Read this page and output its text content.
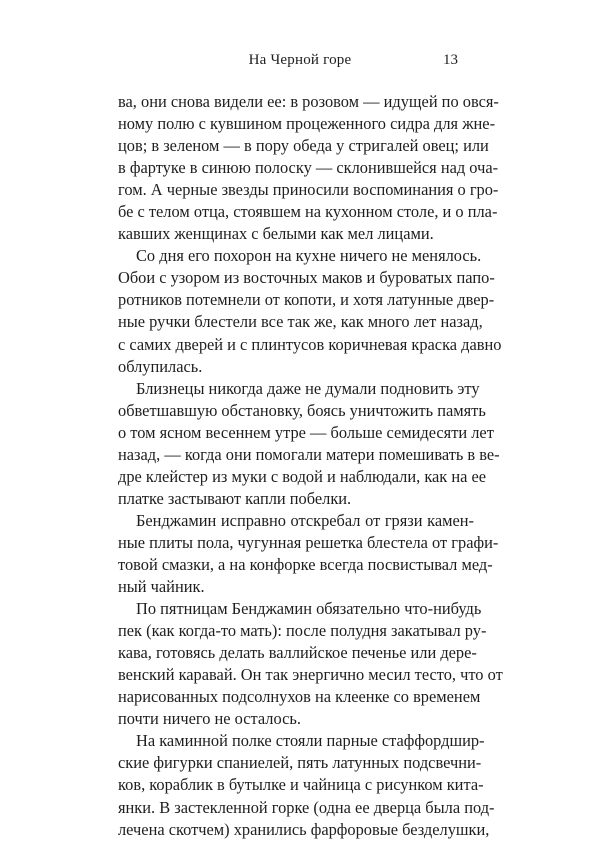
На Черной горе	13
ва, они снова видели ее: в розовом — идущей по овся-
ному полю с кувшином процеженного сидра для жне-
цов; в зеленом — в пору обеда у стригалей овец; или
в фартуке в синюю полоску — склонившейся над оча-
гом. А черные звезды приносили воспоминания о гро-
бе с телом отца, стоявшем на кухонном столе, и о пла-
кавших женщинах с белыми как мел лицами.
Со дня его похорон на кухне ничего не менялось.
Обои с узором из восточных маков и буроватых папо-
ротников потемнели от копоти, и хотя латунные двер-
ные ручки блестели все так же, как много лет назад,
с самих дверей и с плинтусов коричневая краска давно
облупилась.
Близнецы никогда даже не думали подновить эту
обветшавшую обстановку, боясь уничтожить память
о том ясном весеннем утре — больше семидесяти лет
назад, — когда они помогали матери помешивать в ве-
дре клейстер из муки с водой и наблюдали, как на ее
платке застывают капли побелки.
Бенджамин исправно отскребал от грязи камен-
ные плиты пола, чугунная решетка блестела от графи-
товой смазки, а на конфорке всегда посвистывал мед-
ный чайник.
По пятницам Бенджамин обязательно что-нибудь
пек (как когда-то мать): после полудня закатывал ру-
кава, готовясь делать валлийское печенье или дере-
венский каравай. Он так энергично месил тесто, что от
нарисованных подсолнухов на клеенке со временем
почти ничего не осталось.
На каминной полке стояли парные стаффордшир-
ские фигурки спаниелей, пять латунных подсвечни-
ков, кораблик в бутылке и чайница с рисунком кита-
янки. В застекленной горке (одна ее дверца была под-
лечена скотчем) хранились фарфоровые безделушки,
